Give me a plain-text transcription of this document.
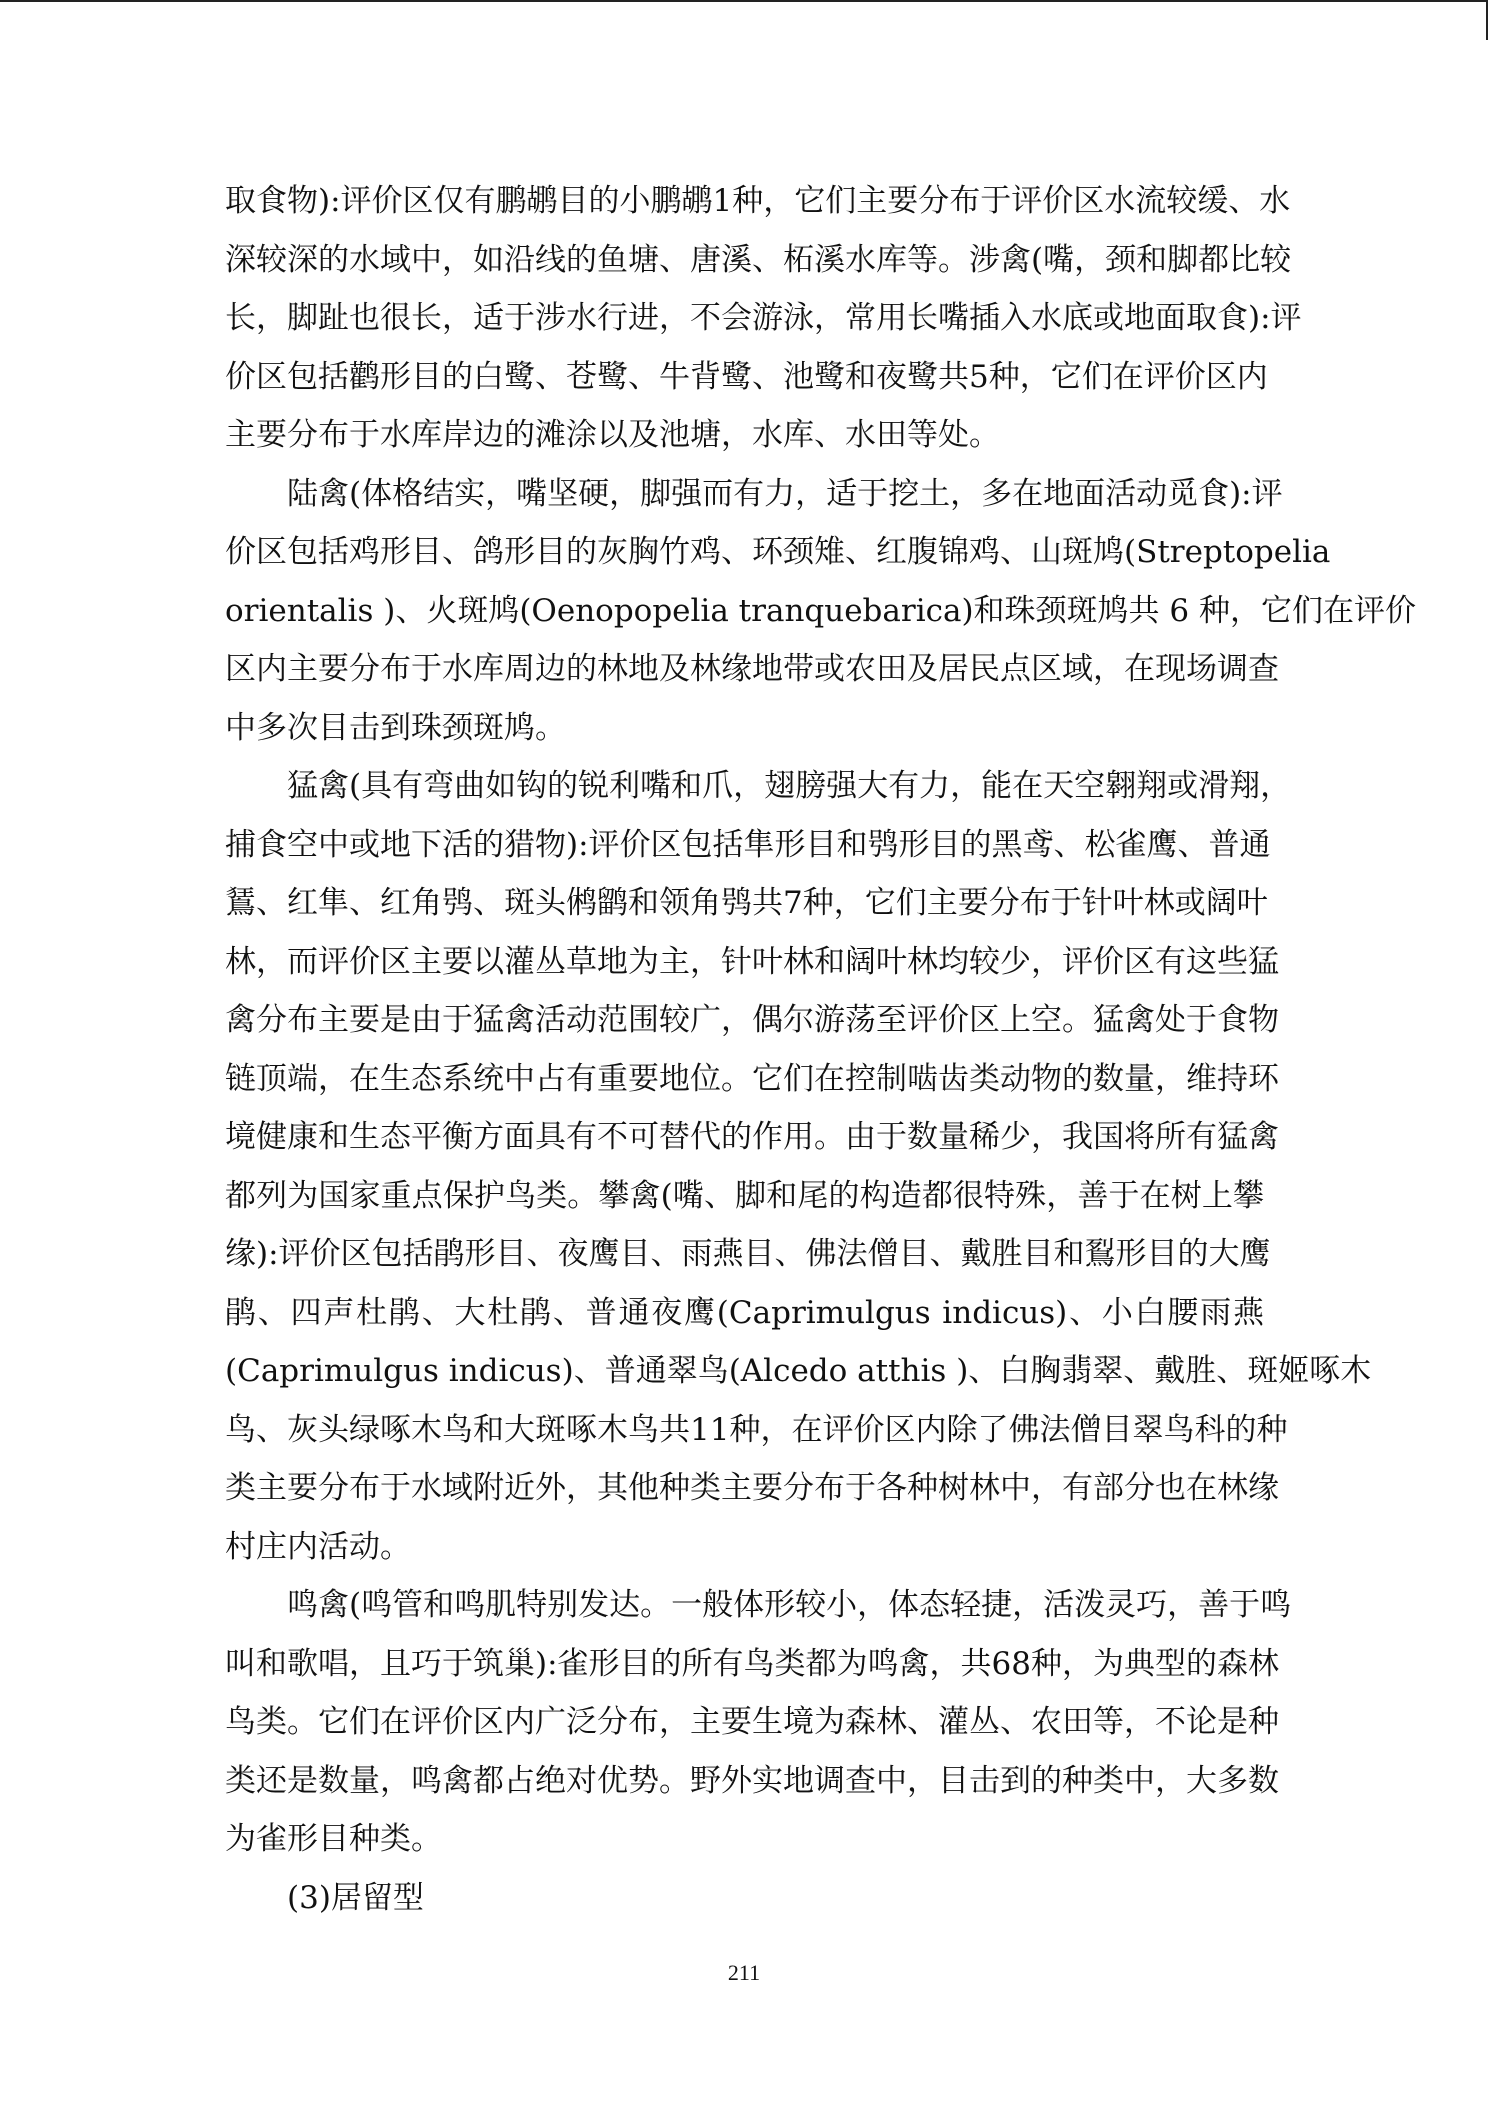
取食物):评价区仅有鹏鹕目的小鹏鹕1种，它们主要分布于评价区水流较缓、水
深较深的水域中，如沿线的鱼塘、唐溪、柘溪水库等。涉禽(嘴，颈和脚都比较
长，脚趾也很长，适于涉水行进，不会游泳，常用长嘴插入水底或地面取食):评
价区包括鹳形目的白鹭、苍鹭、牛背鹭、池鹭和夜鹭共5种，它们在评价区内
主要分布于水库岸边的滩涂以及池塘，水库、水田等处。
陆禽(体格结实，嘴坚硬，脚强而有力，适于挖土，多在地面活动觅食):评
价区包括鸡形目、鸽形目的灰胸竹鸡、环颈雉、红腹锦鸡、山斑鸠(Streptopelia
orientalis )、火斑鸠(Oenopopelia tranquebarica)和珠颈斑鸠共 6 种，它们在评价
区内主要分布于水库周边的林地及林缘地带或农田及居民点区域，在现场调查
中多次目击到珠颈斑鸠。
猛禽(具有弯曲如钩的锐利嘴和爪，翅膀强大有力，能在天空翱翔或滑翔，
捕食空中或地下活的猎物):评价区包括隼形目和鸮形目的黑鸢、松雀鹰、普通
鵟、红隼、红角鸮、斑头鸺鹠和领角鸮共7种，它们主要分布于针叶林或阔叶
林，而评价区主要以灌丛草地为主，针叶林和阔叶林均较少，评价区有这些猛
禽分布主要是由于猛禽活动范围较广，偶尔游荡至评价区上空。猛禽处于食物
链顶端，在生态系统中占有重要地位。它们在控制啮齿类动物的数量，维持环
境健康和生态平衡方面具有不可替代的作用。由于数量稀少，我国将所有猛禽
都列为国家重点保护鸟类。攀禽(嘴、脚和尾的构造都很特殊，善于在树上攀
缘):评价区包括鹃形目、夜鹰目、雨燕目、佛法僧目、戴胜目和鴷形目的大鹰
鹃、四声杜鹃、大杜鹃、普通夜鹰(Caprimulgus indicus)、小白腰雨燕
(Caprimulgus indicus)、普通翠鸟(Alcedo atthis )、白胸翡翠、戴胜、斑姬啄木
鸟、灰头绿啄木鸟和大斑啄木鸟共11种，在评价区内除了佛法僧目翠鸟科的种
类主要分布于水域附近外，其他种类主要分布于各种树林中，有部分也在林缘
村庄内活动。
鸣禽(鸣管和鸣肌特别发达。一般体形较小，体态轻捷，活泼灵巧，善于鸣
叫和歌唱，且巧于筑巢):雀形目的所有鸟类都为鸣禽，共68种，为典型的森林
鸟类。它们在评价区内广泛分布，主要生境为森林、灌丛、农田等，不论是种
类还是数量，鸣禽都占绝对优势。野外实地调查中，目击到的种类中，大多数
为雀形目种类。
(3)居留型
211
